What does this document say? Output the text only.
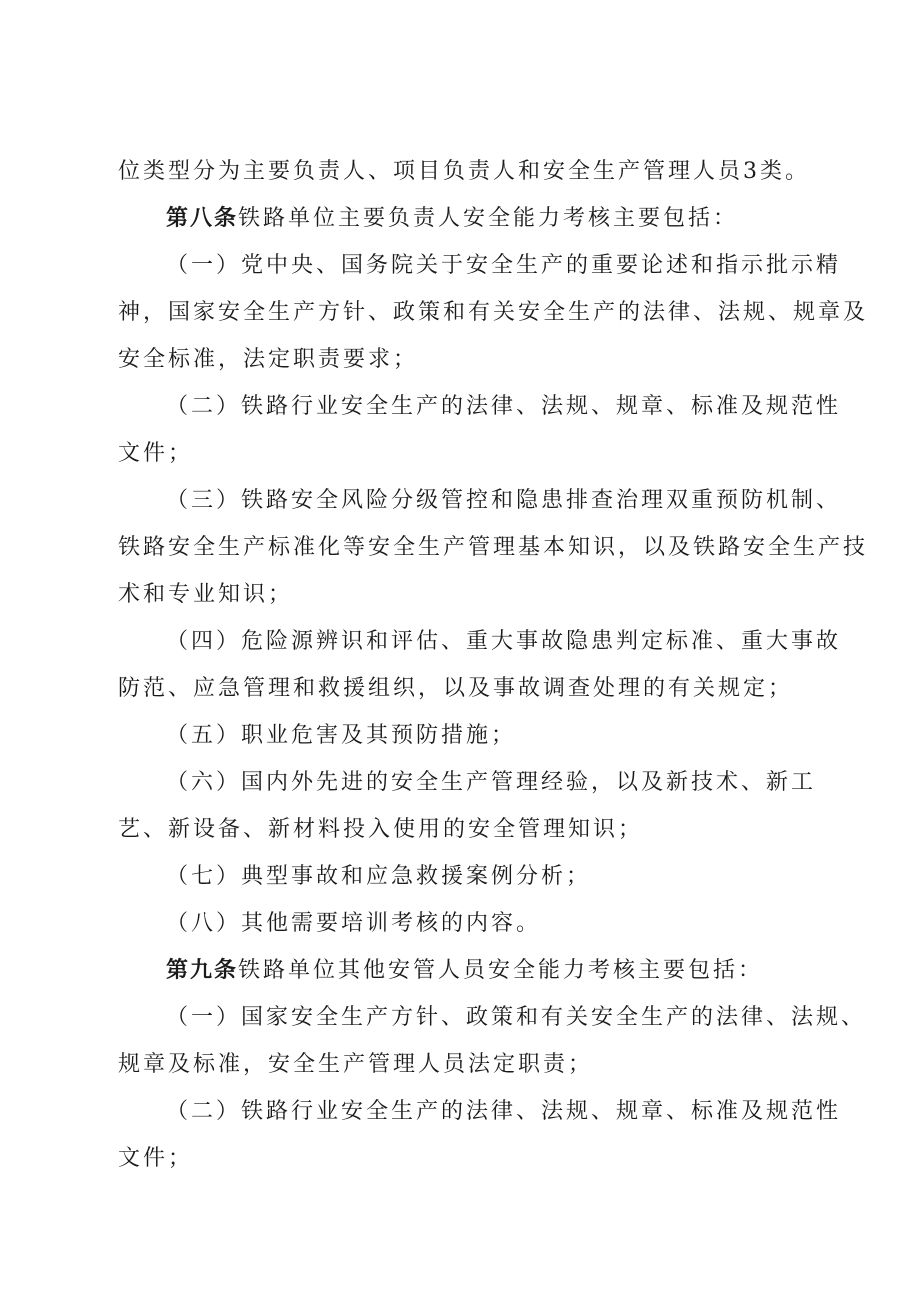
位类型分为主要负责人、项目负责人和安全生产管理人员3类。
第八条铁路单位主要负责人安全能力考核主要包括：
（一）党中央、国务院关于安全生产的重要论述和指示批示精
神，国家安全生产方针、政策和有关安全生产的法律、法规、规章及
安全标准，法定职责要求；
（二）铁路行业安全生产的法律、法规、规章、标准及规范性
文件；
（三）铁路安全风险分级管控和隐患排查治理双重预防机制、
铁路安全生产标准化等安全生产管理基本知识，以及铁路安全生产技
术和专业知识；
（四）危险源辨识和评估、重大事故隐患判定标准、重大事故
防范、应急管理和救援组织，以及事故调查处理的有关规定；
（五）职业危害及其预防措施；
（六）国内外先进的安全生产管理经验，以及新技术、新工
艺、新设备、新材料投入使用的安全管理知识；
（七）典型事故和应急救援案例分析；
（八）其他需要培训考核的内容。
第九条铁路单位其他安管人员安全能力考核主要包括：
（一）国家安全生产方针、政策和有关安全生产的法律、法规、
规章及标准，安全生产管理人员法定职责；
（二）铁路行业安全生产的法律、法规、规章、标准及规范性
文件；
